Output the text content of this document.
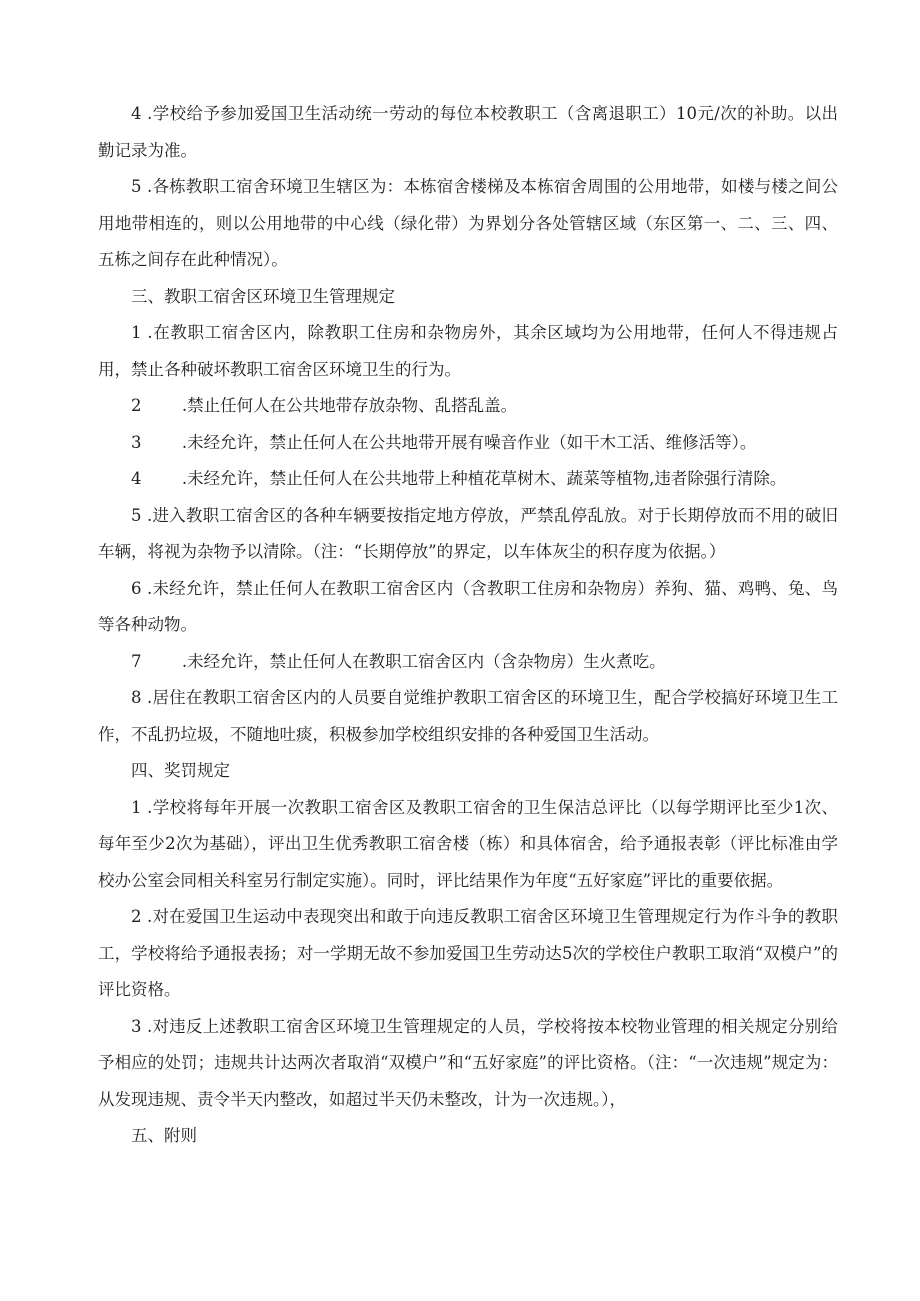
4 .学校给予参加爱国卫生活动统一劳动的每位本校教职工（含离退职工）10元/次的补助。以出勤记录为准。

5 .各栋教职工宿舍环境卫生辖区为：本栋宿舍楼梯及本栋宿舍周围的公用地带，如楼与楼之间公用地带相连的，则以公用地带的中心线（绿化带）为界划分各处管辖区域（东区第一、二、三、四、五栋之间存在此种情况）。

三、教职工宿舍区环境卫生管理规定

1 .在教职工宿舍区内，除教职工住房和杂物房外，其余区域均为公用地带，任何人不得违规占用，禁止各种破坏教职工宿舍区环境卫生的行为。

2	.禁止任何人在公共地带存放杂物、乱搭乱盖。

3	.未经允许，禁止任何人在公共地带开展有噪音作业（如干木工活、维修活等）。

4	.未经允许，禁止任何人在公共地带上种植花草树木、蔬菜等植物,违者除强行清除。

5 .进入教职工宿舍区的各种车辆要按指定地方停放，严禁乱停乱放。对于长期停放而不用的破旧车辆，将视为杂物予以清除。（注：“长期停放”的界定，以车体灰尘的积存度为依据。）

6 .未经允许，禁止任何人在教职工宿舍区内（含教职工住房和杂物房）养狗、猫、鸡鸭、兔、鸟等各种动物。

7	.未经允许，禁止任何人在教职工宿舍区内（含杂物房）生火煮吃。

8 .居住在教职工宿舍区内的人员要自觉维护教职工宿舍区的环境卫生，配合学校搞好环境卫生工作，不乱扔垃圾，不随地吐痰，积极参加学校组织安排的各种爱国卫生活动。

四、奖罚规定

1 .学校将每年开展一次教职工宿舍区及教职工宿舍的卫生保洁总评比（以每学期评比至少1次、每年至少2次为基础），评出卫生优秀教职工宿舍楼（栋）和具体宿舍，给予通报表彰（评比标准由学校办公室会同相关科室另行制定实施）。同时，评比结果作为年度“五好家庭”评比的重要依据。

2 .对在爱国卫生运动中表现突出和敢于向违反教职工宿舍区环境卫生管理规定行为作斗争的教职工，学校将给予通报表扬；对一学期无故不参加爱国卫生劳动达5次的学校住户教职工取消“双模户”的评比资格。

3 .对违反上述教职工宿舍区环境卫生管理规定的人员，学校将按本校物业管理的相关规定分别给予相应的处罚；违规共计达两次者取消“双模户”和“五好家庭”的评比资格。（注：“一次违规”规定为：从发现违规、责令半天内整改，如超过半天仍未整改，计为一次违规。），

五、附则
